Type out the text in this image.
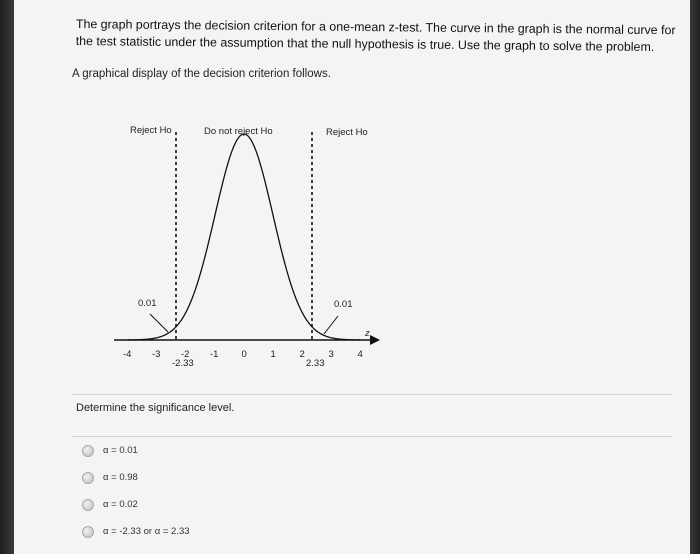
The graph portrays the decision criterion for a one-mean z-test. The curve in the graph is the normal curve for the test statistic under the assumption that the null hypothesis is true. Use the graph to solve the problem.
A graphical display of the decision criterion follows.
z
Reject Ho	Do not reject Ho	Reject Ho
0.01	0.01
-4 -3 -2 -1 0 1 2 3 4
-2.33	2.33
Determine the significance level.
α = 0.01
α = 0.98
α = 0.02
α = -2.33 or α = 2.33
